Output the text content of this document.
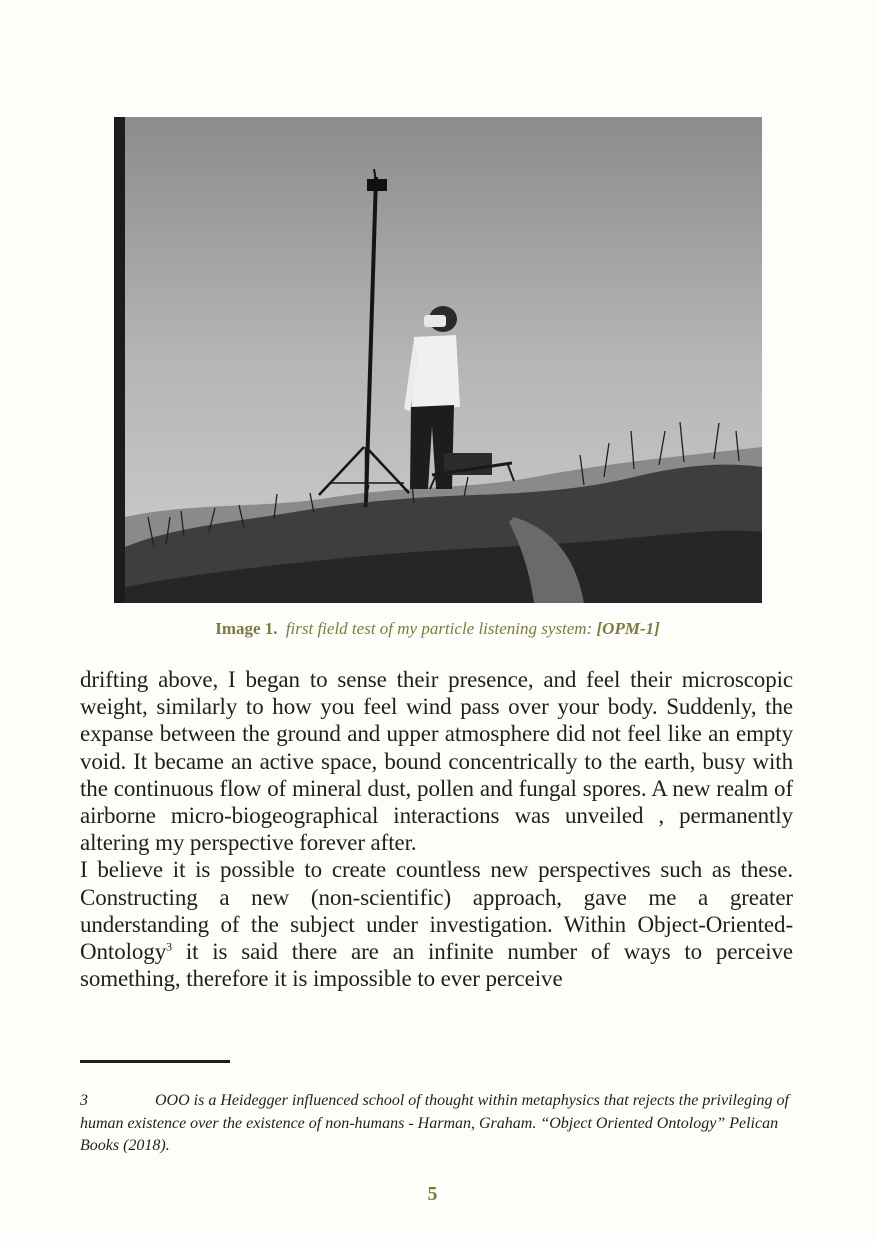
Image 1. first field test of my particle listening system: [OPM-1]

drifting above, I began to sense their presence, and feel their microscopic weight, similarly to how you feel wind pass over your body. Suddenly, the expanse between the ground and upper atmosphere did not feel like an empty void. It became an active space, bound concentrically to the earth, busy with the continuous flow of mineral dust, pollen and fungal spores. A new realm of airborne micro-biogeographical interactions was unveiled , permanently altering my perspective forever after.

I believe it is possible to create countless new perspectives such as these. Constructing a new (non-scientific) approach, gave me a greater understanding of the subject under investigation. Within Object-Oriented-Ontology$^3$ it is said there are an infinite number of ways to perceive something, therefore it is impossible to ever perceive

3	OOO is a Heidegger influenced school of thought within metaphysics that rejects the privileging of human existence over the existence of non-humans - Harman, Graham. “Object Oriented Ontology” Pelican Books (2018).
5
